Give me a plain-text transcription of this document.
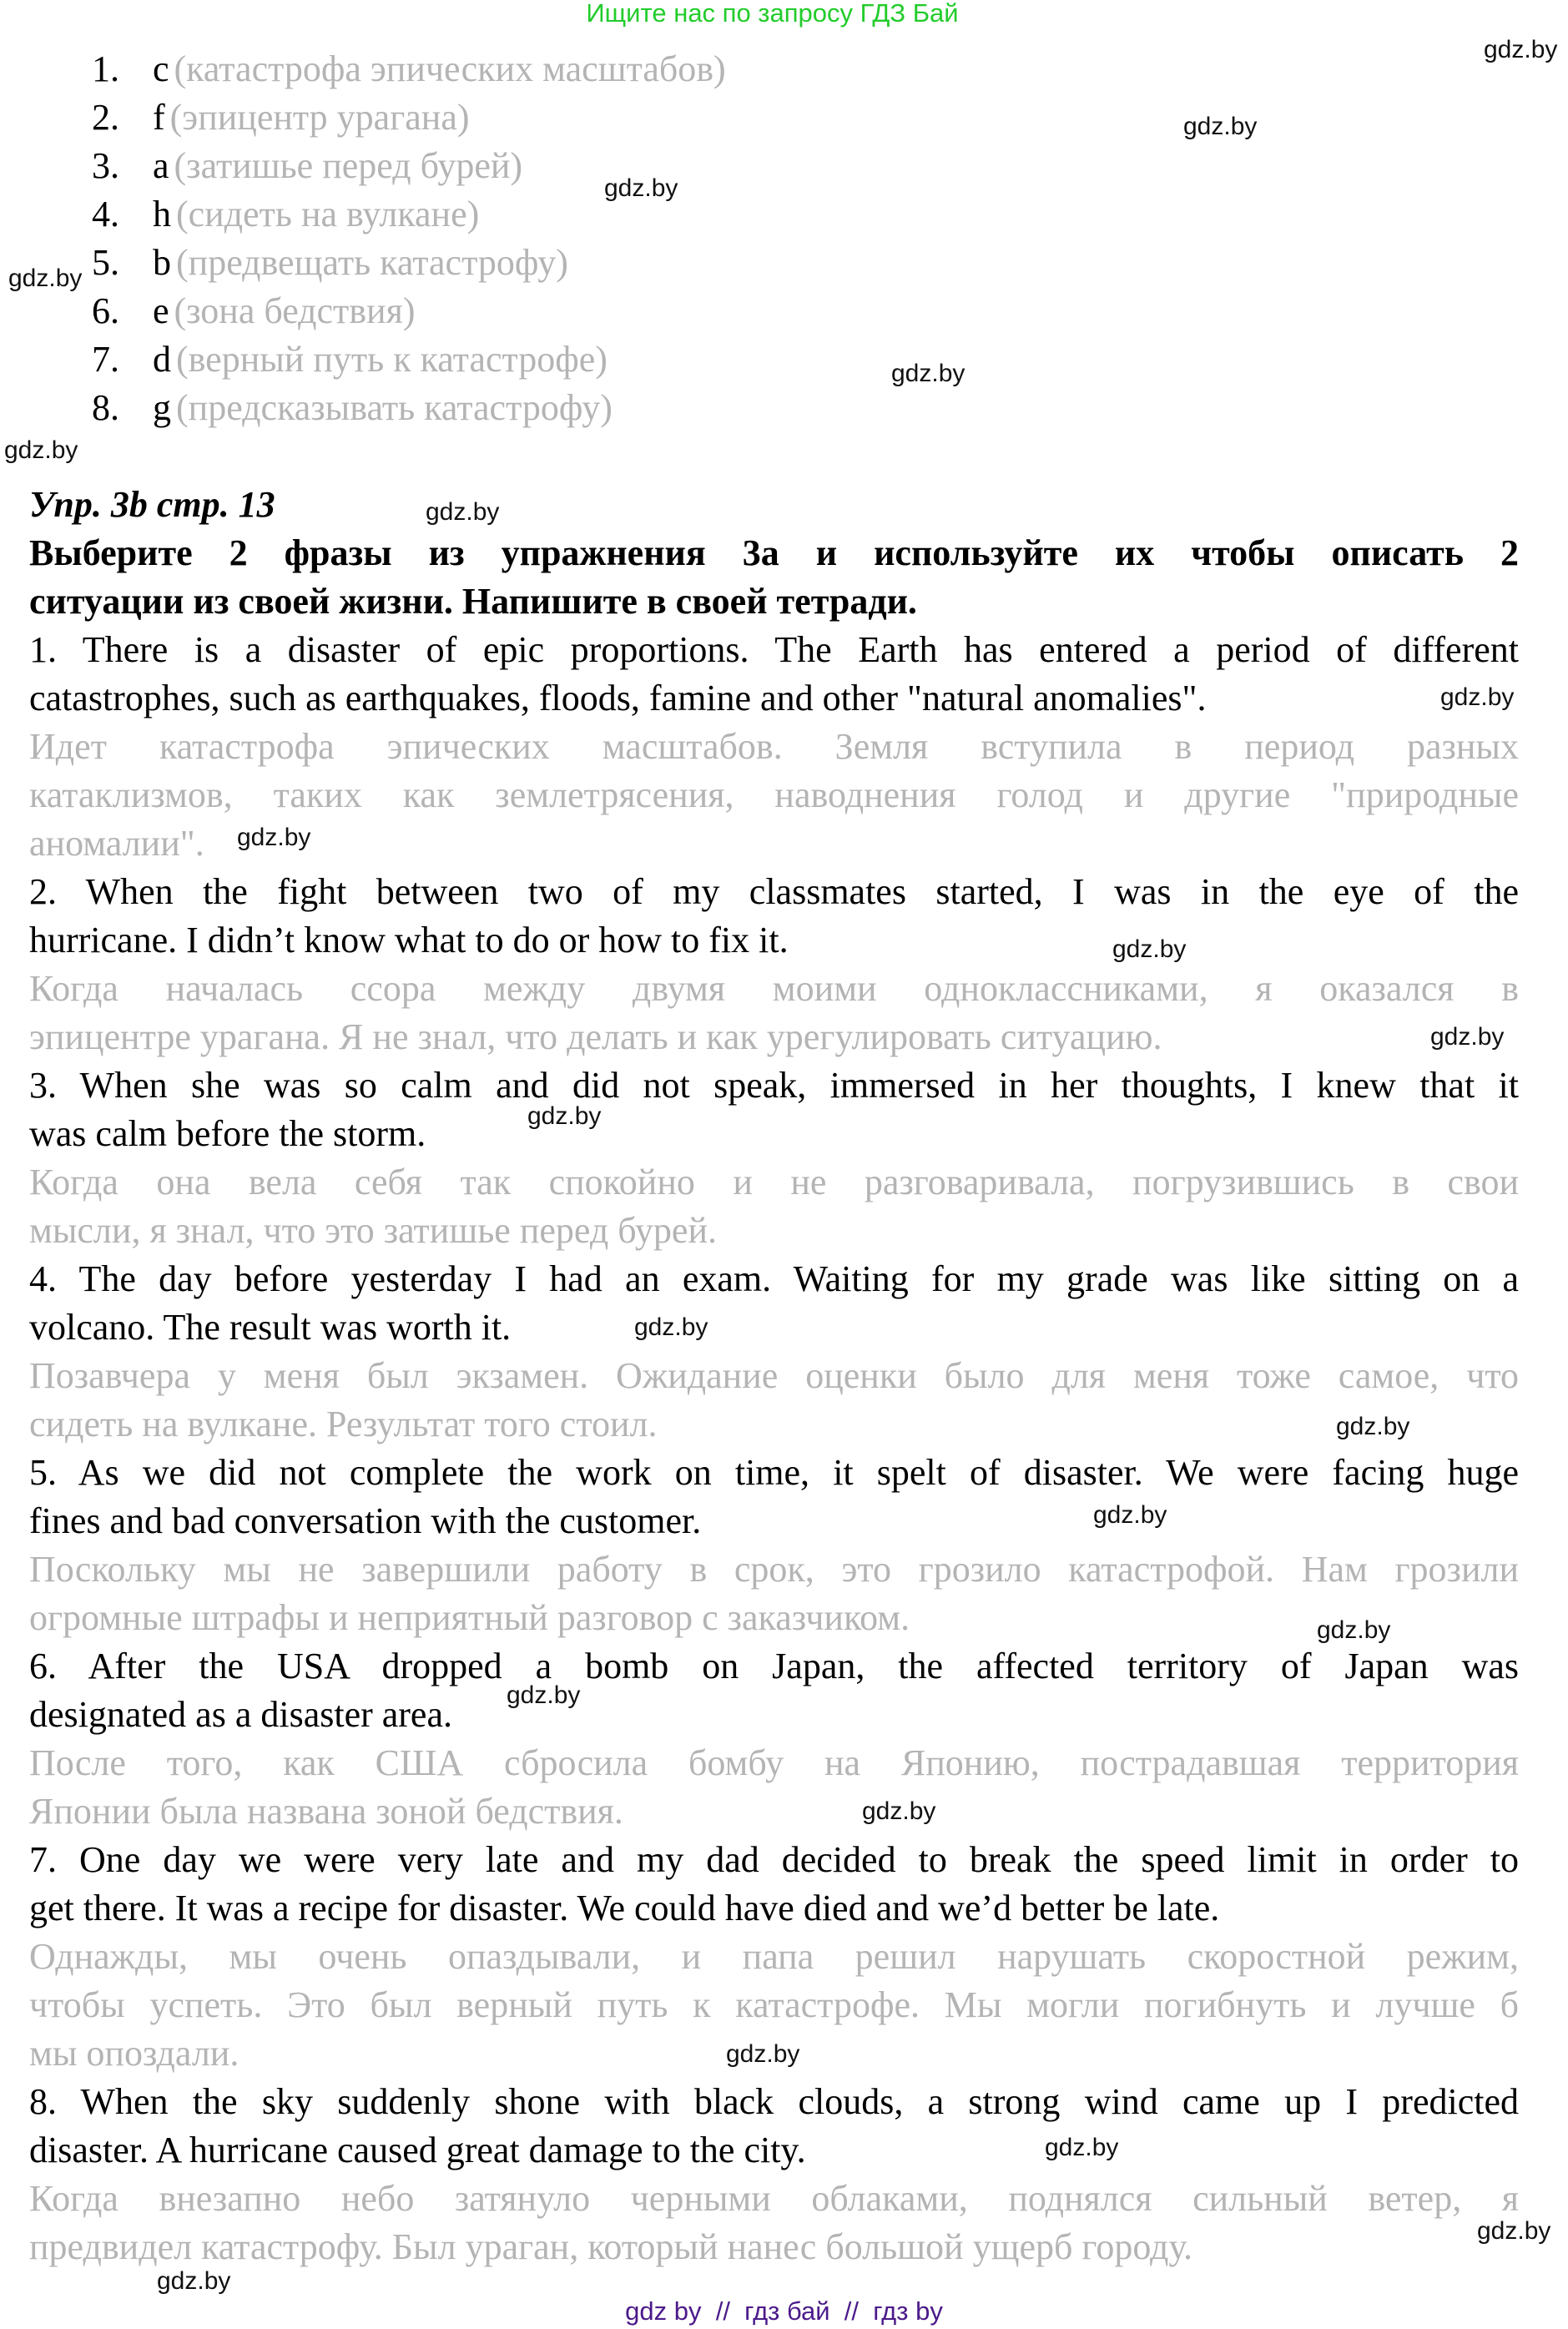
Ищите нас по запросу ГДЗ Бай
1. c (катастрофа эпических масштабов)
2. f (эпицентр урагана)
3. a (затишье перед бурей)
4. h (сидеть на вулкане)
5. b (предвещать катастрофу)
6. e (зона бедствия)
7. d (верный путь к катастрофе)
8. g (предсказывать катастрофу)
Упр. 3b стр. 13
Выберите 2 фразы из упражнения 3a и используйте их чтобы описать 2
ситуации из своей жизни. Напишите в своей тетради.
1. There is a disaster of epic proportions. The Earth has entered a period of different
catastrophes, such as earthquakes, floods, famine and other "natural anomalies".
Идет катастрофа эпических масштабов. Земля вступила в период разных
катаклизмов, таких как землетрясения, наводнения голод и другие "природные
аномалии".
2. When the fight between two of my classmates started, I was in the eye of the
hurricane. I didn’t know what to do or how to fix it.
Когда началась ссора между двумя моими одноклассниками, я оказался в
эпицентре урагана. Я не знал, что делать и как урегулировать ситуацию.
3. When she was so calm and did not speak, immersed in her thoughts, I knew that it
was calm before the storm.
Когда она вела себя так спокойно и не разговаривала, погрузившись в свои
мысли, я знал, что это затишье перед бурей.
4. The day before yesterday I had an exam. Waiting for my grade was like sitting on a
volcano. The result was worth it.
Позавчера у меня был экзамен. Ожидание оценки было для меня тоже самое, что
сидеть на вулкане. Результат того стоил.
5. As we did not complete the work on time, it spelt of disaster. We were facing huge
fines and bad conversation with the customer.
Поскольку мы не завершили работу в срок, это грозило катастрофой. Нам грозили
огромные штрафы и неприятный разговор с заказчиком.
6. After the USA dropped a bomb on Japan, the affected territory of Japan was
designated as a disaster area.
После того, как США сбросила бомбу на Японию, пострадавшая территория
Японии была названа зоной бедствия.
7. One day we were very late and my dad decided to break the speed limit in order to
get there. It was a recipe for disaster. We could have died and we’d better be late.
Однажды, мы очень опаздывали, и папа решил нарушать скоростной режим,
чтобы успеть. Это был верный путь к катастрофе. Мы могли погибнуть и лучше б
мы опоздали.
8. When the sky suddenly shone with black clouds, a strong wind came up I predicted
disaster. A hurricane caused great damage to the city.
Когда внезапно небо затянуло черными облаками, поднялся сильный ветер, я
предвидел катастрофу. Был ураган, который нанес большой ущерб городу.
gdz.by
gdz.by
gdz.by
gdz.by
gdz.by
gdz.by
gdz.by
gdz.by
gdz.by
gdz.by
gdz.by
gdz.by
gdz.by
gdz.by
gdz.by
gdz.by
gdz.by
gdz.by
gdz.by
gdz.by
gdz.by
gdz.by
gdz by  //  гдз бай  //  гдз by
